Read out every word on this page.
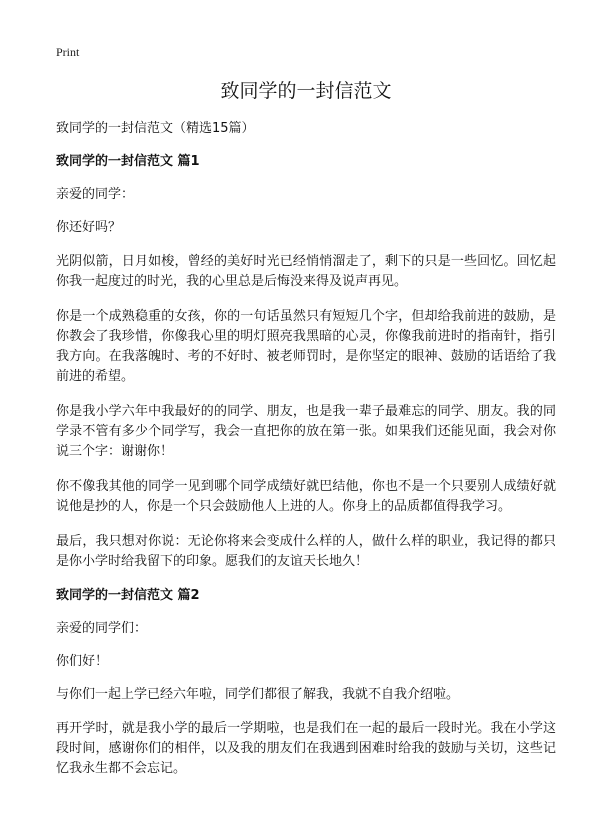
Print
致同学的一封信范文
致同学的一封信范文（精选15篇）
致同学的一封信范文 篇1

亲爱的同学：

你还好吗？

光阴似箭，日月如梭，曾经的美好时光已经悄悄溜走了，剩下的只是一些回忆。回忆起你我一起度过的时光，我的心里总是后悔没来得及说声再见。

你是一个成熟稳重的女孩，你的一句话虽然只有短短几个字，但却给我前进的鼓励，是你教会了我珍惜，你像我心里的明灯照亮我黑暗的心灵，你像我前进时的指南针，指引我方向。在我落魄时、考的不好时、被老师罚时，是你坚定的眼神、鼓励的话语给了我前进的希望。

你是我小学六年中我最好的的同学、朋友，也是我一辈子最难忘的同学、朋友。我的同学录不管有多少个同学写，我会一直把你的放在第一张。如果我们还能见面，我会对你说三个字：谢谢你！

你不像我其他的同学一见到哪个同学成绩好就巴结他，你也不是一个只要别人成绩好就说他是抄的人，你是一个只会鼓励他人上进的人。你身上的品质都值得我学习。

最后，我只想对你说：无论你将来会变成什么样的人，做什么样的职业，我记得的都只是你小学时给我留下的印象。愿我们的友谊天长地久！

致同学的一封信范文 篇2

亲爱的同学们：

你们好！

与你们一起上学已经六年啦，同学们都很了解我，我就不自我介绍啦。

再开学时，就是我小学的最后一学期啦，也是我们在一起的最后一段时光。我在小学这段时间，感谢你们的相伴，以及我的朋友们在我遇到困难时给我的鼓励与关切，这些记忆我永生都不会忘记。
